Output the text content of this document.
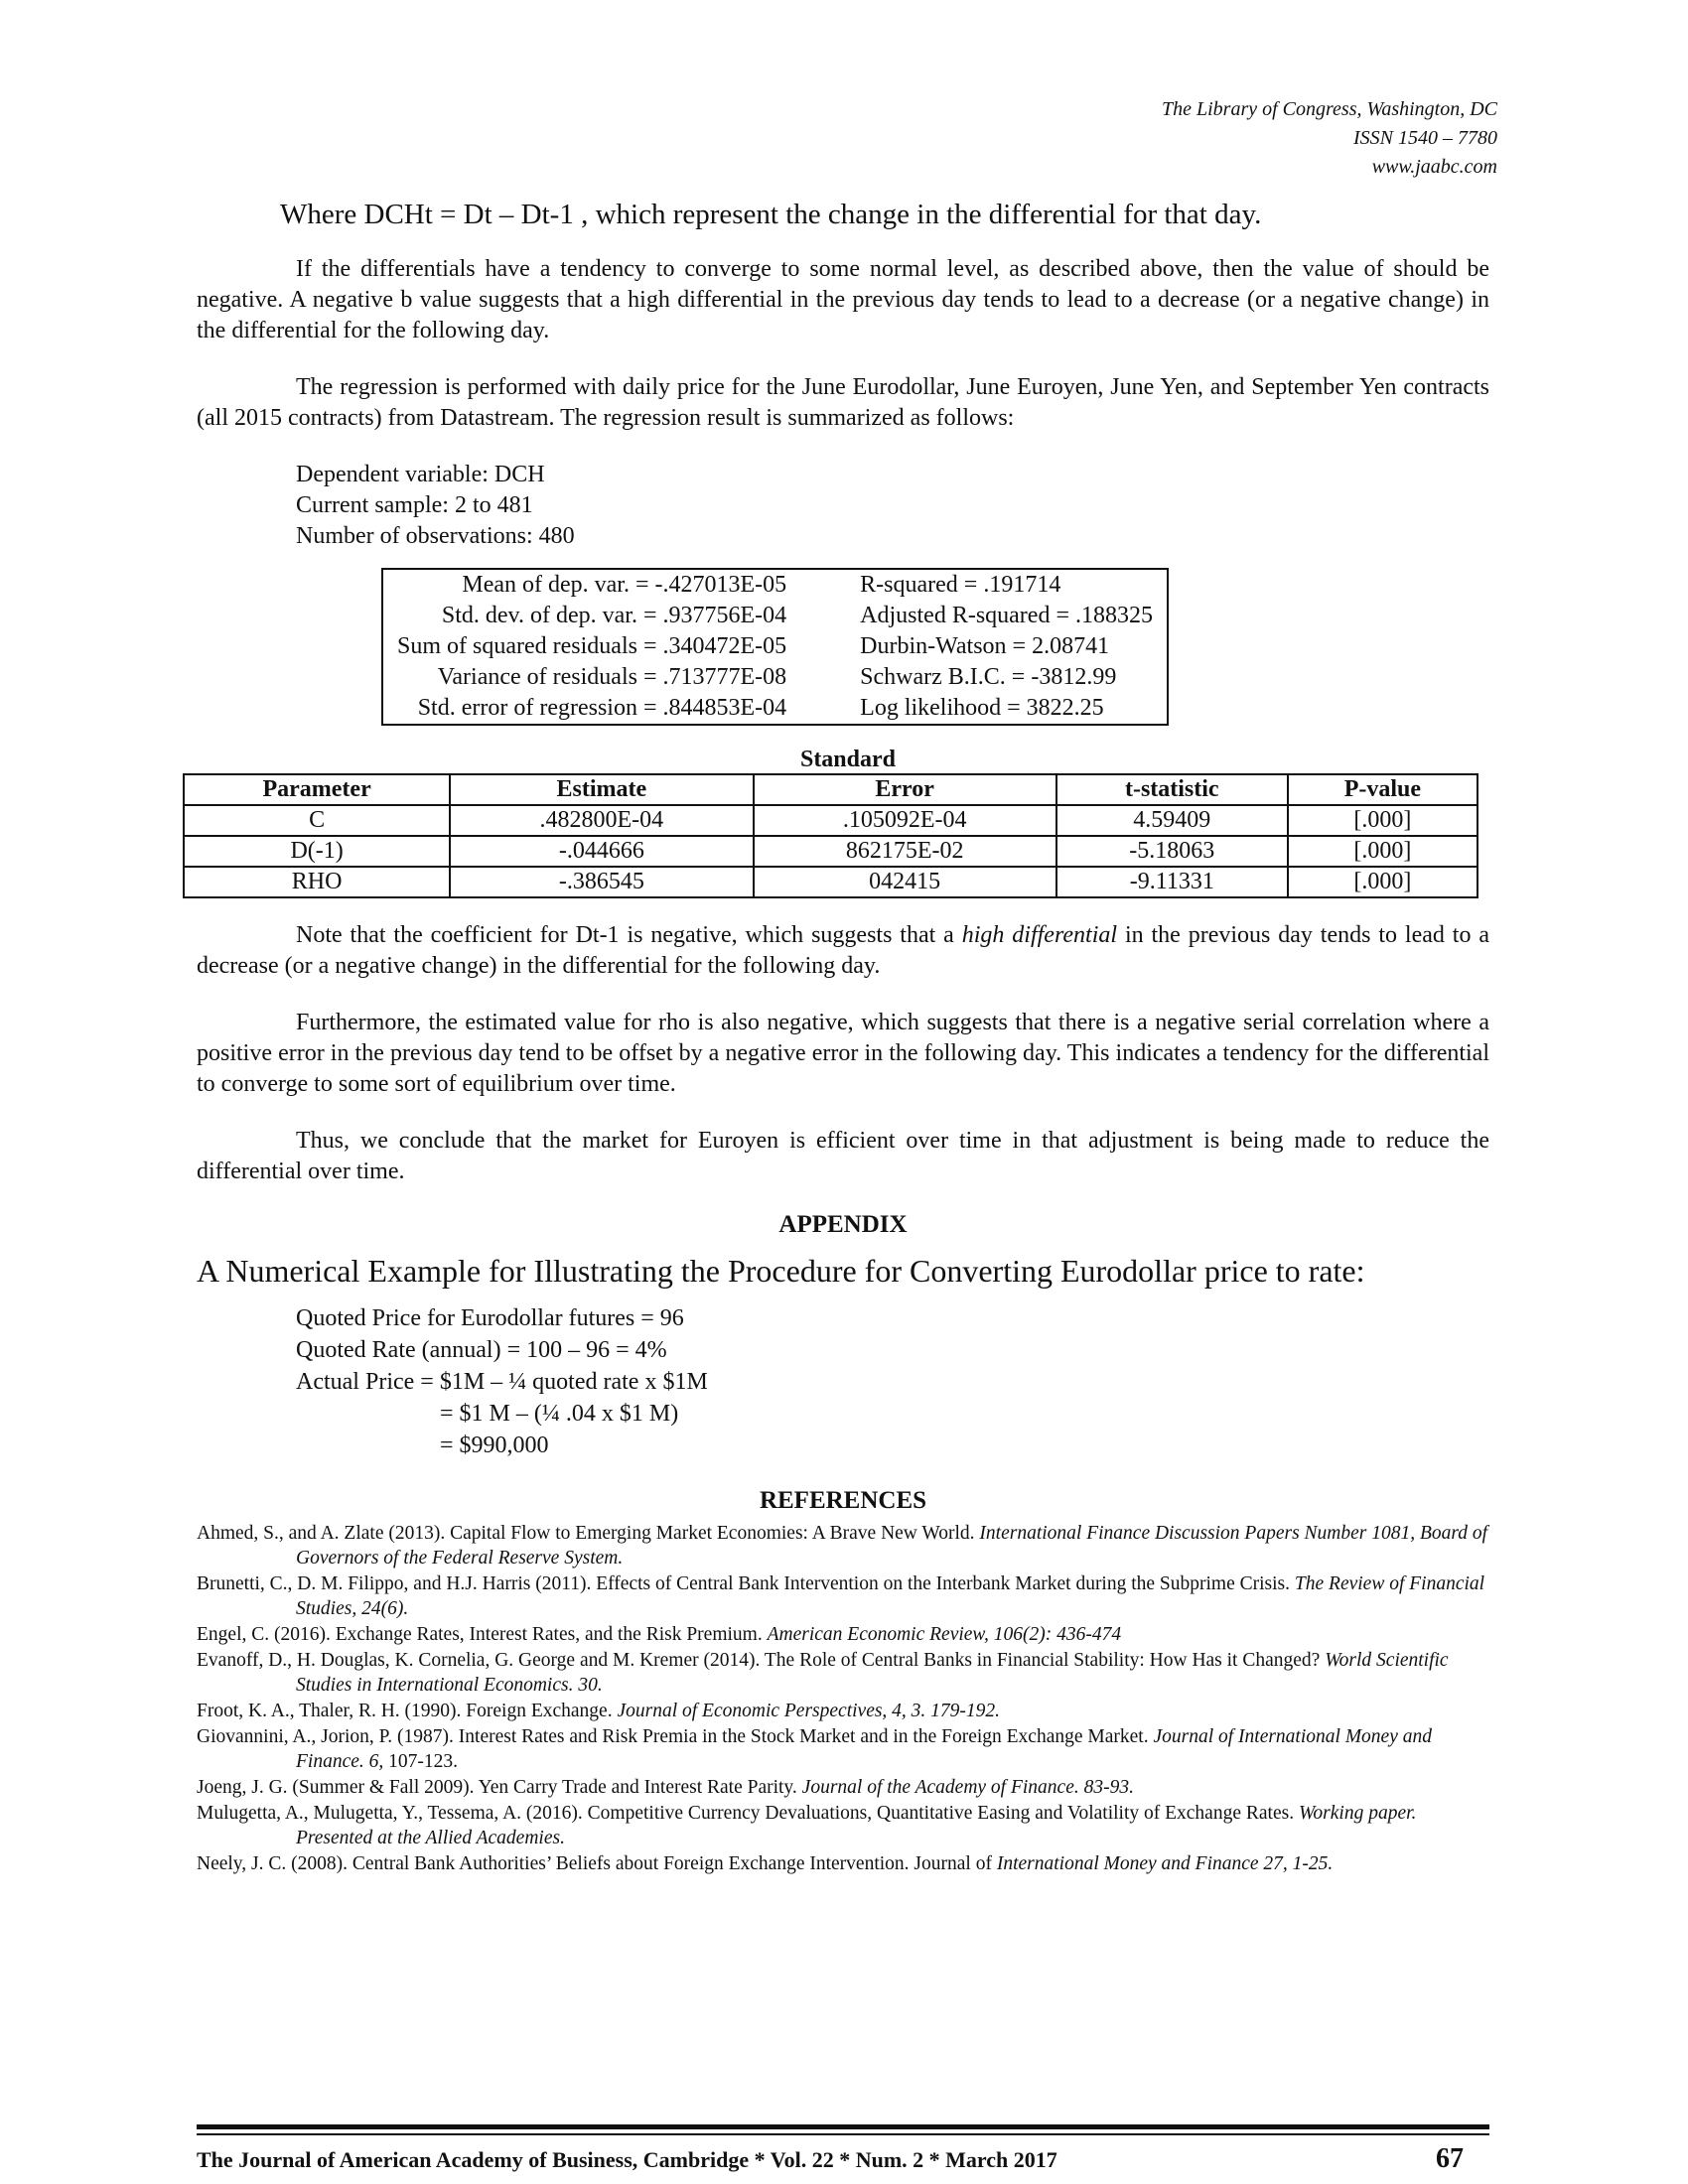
The Library of Congress, Washington, DC
ISSN 1540 – 7780
www.jaabc.com
Where DCHt = Dt – Dt-1 , which represent the change in the differential for that day.

If the differentials have a tendency to converge to some normal level, as described above, then the value of should be negative. A negative b value suggests that a high differential in the previous day tends to lead to a decrease (or a negative change) in the differential for the following day.

The regression is performed with daily price for the June Eurodollar, June Euroyen, June Yen, and September Yen contracts (all 2015 contracts) from Datastream. The regression result is summarized as follows:

Dependent variable: DCH
Current sample: 2 to 481
Number of observations: 480
Mean of dep. var. = -.427013E-05	R-squared = .191714
Std. dev. of dep. var. = .937756E-04	Adjusted R-squared = .188325
Sum of squared residuals = .340472E-05	Durbin-Watson = 2.08741
Variance of residuals = .713777E-08	Schwarz B.I.C. = -3812.99
Std. error of regression = .844853E-04	Log likelihood = 3822.25
Standard
Parameter	Estimate	Error	t-statistic	P-value
C	.482800E-04	.105092E-04	4.59409	[.000]
D(-1)	-.044666	862175E-02	-5.18063	[.000]
RHO	-.386545	042415	-9.11331	[.000]

Note that the coefficient for Dt-1 is negative, which suggests that a high differential in the previous day tends to lead to a decrease (or a negative change) in the differential for the following day.

Furthermore, the estimated value for rho is also negative, which suggests that there is a negative serial correlation where a positive error in the previous day tend to be offset by a negative error in the following day. This indicates a tendency for the differential to converge to some sort of equilibrium over time.

Thus, we conclude that the market for Euroyen is efficient over time in that adjustment is being made to reduce the differential over time.

APPENDIX
A Numerical Example for Illustrating the Procedure for Converting Eurodollar price to rate:
Quoted Price for Eurodollar futures = 96
Quoted Rate (annual) = 100 – 96 = 4%
Actual Price = $1M – ¼ quoted rate x $1M
= $1 M – (¼ .04 x $1 M)
= $990,000
REFERENCES
Ahmed, S., and A. Zlate (2013). Capital Flow to Emerging Market Economies: A Brave New World. International Finance Discussion Papers Number 1081, Board of Governors of the Federal Reserve System.
Brunetti, C., D. M. Filippo, and H.J. Harris (2011). Effects of Central Bank Intervention on the Interbank Market during the Subprime Crisis. The Review of Financial Studies, 24(6).
Engel, C. (2016). Exchange Rates, Interest Rates, and the Risk Premium. American Economic Review, 106(2): 436-474
Evanoff, D., H. Douglas, K. Cornelia, G. George and M. Kremer (2014). The Role of Central Banks in Financial Stability: How Has it Changed? World Scientific Studies in International Economics. 30.
Froot, K. A., Thaler, R. H. (1990). Foreign Exchange. Journal of Economic Perspectives, 4, 3. 179-192.
Giovannini, A., Jorion, P. (1987). Interest Rates and Risk Premia in the Stock Market and in the Foreign Exchange Market. Journal of International Money and Finance. 6, 107-123.
Joeng, J. G. (Summer & Fall 2009). Yen Carry Trade and Interest Rate Parity. Journal of the Academy of Finance. 83-93.
Mulugetta, A., Mulugetta, Y., Tessema, A. (2016). Competitive Currency Devaluations, Quantitative Easing and Volatility of Exchange Rates. Working paper. Presented at the Allied Academies.
Neely, J. C. (2008). Central Bank Authorities’ Beliefs about Foreign Exchange Intervention. Journal of International Money and Finance 27, 1-25.
The Journal of American Academy of Business, Cambridge * Vol. 22 * Num. 2 * March 2017	67
